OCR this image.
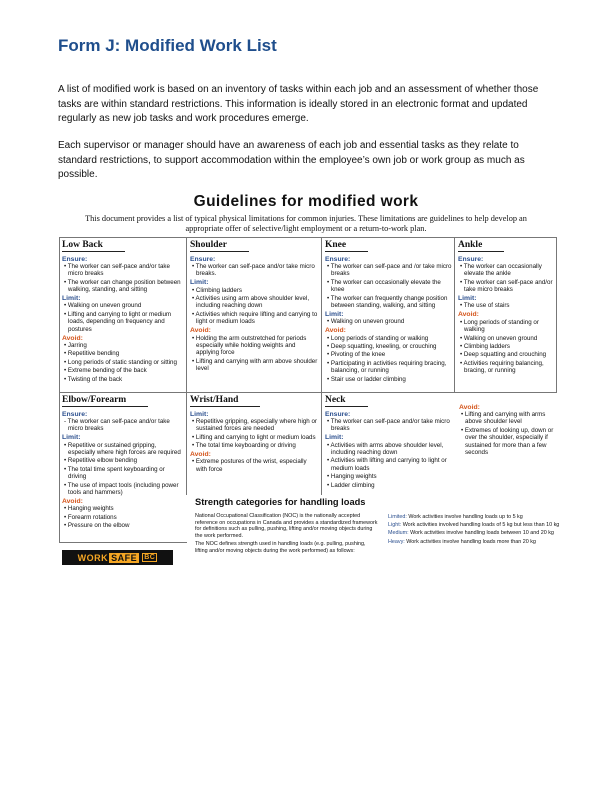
Form J: Modified Work List
A list of modified work is based on an inventory of tasks within each job and an assessment of whether those tasks are within standard restrictions. This information is ideally stored in an electronic format and updated regularly as new job tasks and work procedures emerge.
Each supervisor or manager should have an awareness of each job and essential tasks as they relate to standard restrictions, to support accommodation within the employee’s own job or work group as much as possible.
Guidelines for modified work
This document provides a list of typical physical limitations for common injuries. These limitations are guidelines to help develop an appropriate offer of selective/light employment or a return-to-work plan.
Low Back
Ensure:
• The worker can self-pace and/or take micro breaks
• The worker can change position between walking, standing, and sitting
Limit:
• Walking on uneven ground
• Lifting and carrying to light or medium loads, depending on frequency and postures
Avoid:
• Jarring
• Repetitive bending
• Long periods of static standing or sitting
• Extreme bending of the back
• Twisting of the back
Shoulder
Ensure:
• The worker can self-pace and/or take micro breaks.
Limit:
• Climbing ladders
• Activities using arm above shoulder level, including reaching down
• Activities which require lifting and carrying to light or medium loads
Avoid:
• Holding the arm outstretched for periods especially while holding weights and applying force
• Lifting and carrying with arm above shoulder level
Knee
Ensure:
• The worker can self-pace and /or take micro breaks
• The worker can occasionally elevate the knee
• The worker can frequently change position between standing, walking, and sitting
Limit:
• Walking on uneven ground
Avoid:
• Long periods of standing or walking
• Deep squatting, kneeling, or crouching
• Pivoting of the knee
• Participating in activities requiring bracing, balancing, or running
• Stair use or ladder climbing
Ankle
Ensure:
• The worker can occasionally elevate the ankle
• The worker can self-pace and/or take micro breaks
Limit:
• The use of stairs
Avoid:
• Long periods of standing or walking
• Walking on uneven ground
• Climbing ladders
• Deep squatting and crouching
• Activities requiring balancing, bracing, or running
Elbow/Forearm
Ensure:
- The worker can self-pace and/or take micro breaks
Limit:
• Repetitive or sustained gripping, especially where high forces are required
• Repetitive elbow bending
• The total time spent keyboarding or driving
• The use of impact tools (including power tools and hammers)
Avoid:
• Hanging weights
• Forearm rotations
• Pressure on the elbow
Wrist/Hand
Limit:
• Repetitive gripping, especially where high or sustained forces are needed
• Lifting and carrying to light or medium loads
• The total time keyboarding or driving
Avoid:
• Extreme postures of the wrist, especially with force
Neck
Ensure:
• The worker can self-pace and/or take micro breaks
Limit:
• Activities with arms above shoulder level, including reaching down
• Activities with lifting and carrying to light or medium loads
• Hanging weights
• Ladder climbing
Avoid:
• Lifting and carrying with arms above shoulder level
• Extremes of looking up, down or over the shoulder, especially if sustained for more than a few seconds
Strength categories for handling loads

National Occupational Classification (NOC) is the nationally accepted reference on occupations in Canada and provides a standardized framework for definitions such as pulling, pushing, lifting and/or moving objects during the work performed.

The NOC defines strength used in handling loads (e.g. pulling, pushing, lifting and/or moving objects during the work performed) as follows:

Limited: Work activities involve handling loads up to 5 kg
Light: Work activities involved handling loads of 5 kg but less than 10 kg
Medium: Work activities involve handling loads between 10 and 20 kg
Heavy: Work activities involve handling loads more than 20 kg
WORK SAFE BC
